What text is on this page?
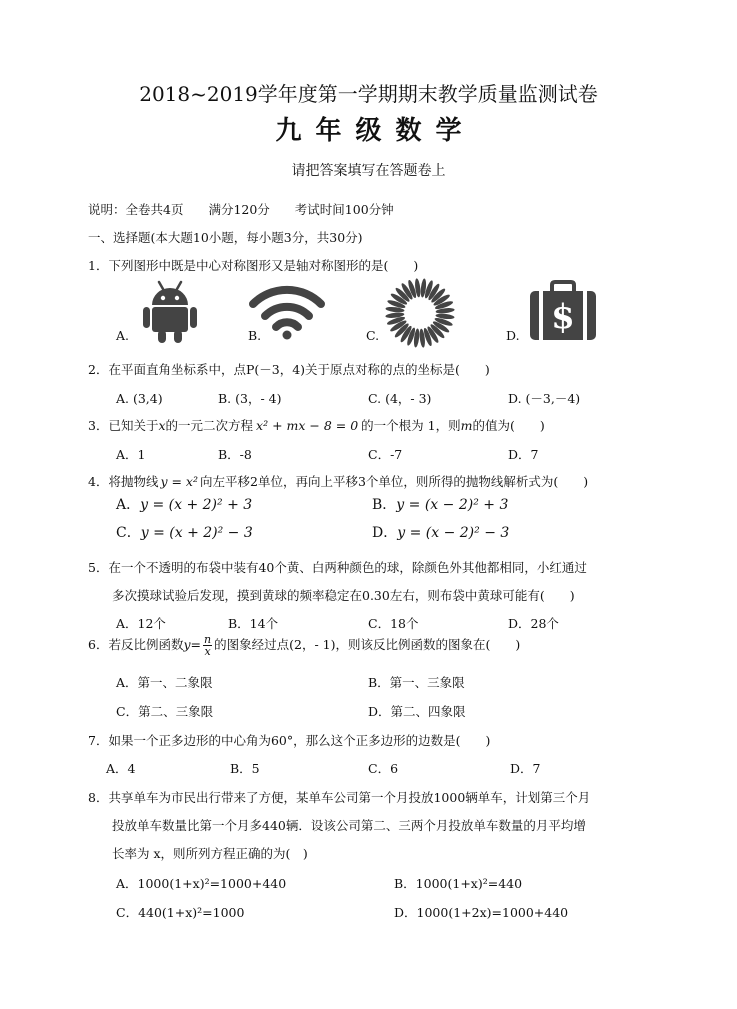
2018~2019学年度第一学期期末教学质量监测试卷
九年级数学
请把答案填写在答题卷上
说明：全卷共4页　　满分120分　　考试时间100分钟
一、选择题(本大题10小题，每小题3分，共30分)
1．下列图形中既是中心对称图形又是轴对称图形的是(　　)
A.	B.	C.	D. $
2．在平面直角坐标系中，点P(－3，4)关于原点对称的点的坐标是(　　)
A. (3,4)	B. (3，- 4)	C. (4，- 3)	D. (－3,－4)
3．已知关于x的一元二次方程 x² + mx − 8 = 0 的一个根为 1，则m的值为(　　)
A．1	B．-8	C．-7	D．7
4．将抛物线 y = x² 向左平移2单位，再向上平移3个单位，则所得的抛物线解析式为(　　)
A．y = (x + 2)² + 3	B．y = (x − 2)² + 3
C．y = (x + 2)² − 3	D．y = (x − 2)² − 3
5．在一个不透明的布袋中装有40个黄、白两种颜色的球，除颜色外其他都相同，小红通过
多次摸球试验后发现，摸到黄球的频率稳定在0.30左右，则布袋中黄球可能有(　　)
A．12个	B．14个	C．18个	D．28个
6．若反比例函数$y= \frac{n}{x}$ 的图象经过点(2，- 1)，则该反比例函数的图象在(　　)
A．第一、二象限	B．第一、三象限
C．第二、三象限	D．第二、四象限
7．如果一个正多边形的中心角为60°，那么这个正多边形的边数是(　　)
A．4	B．5	C．6	D．7
8．共享单车为市民出行带来了方便，某单车公司第一个月投放1000辆单车，计划第三个月
投放单车数量比第一个月多440辆．设该公司第二、三两个月投放单车数量的月平均增
长率为 x，则所列方程正确的为(　)
A．1000(1+x)²=1000+440	B．1000(1+x)²=440
C．440(1+x)²=1000	D．1000(1+2x)=1000+440
